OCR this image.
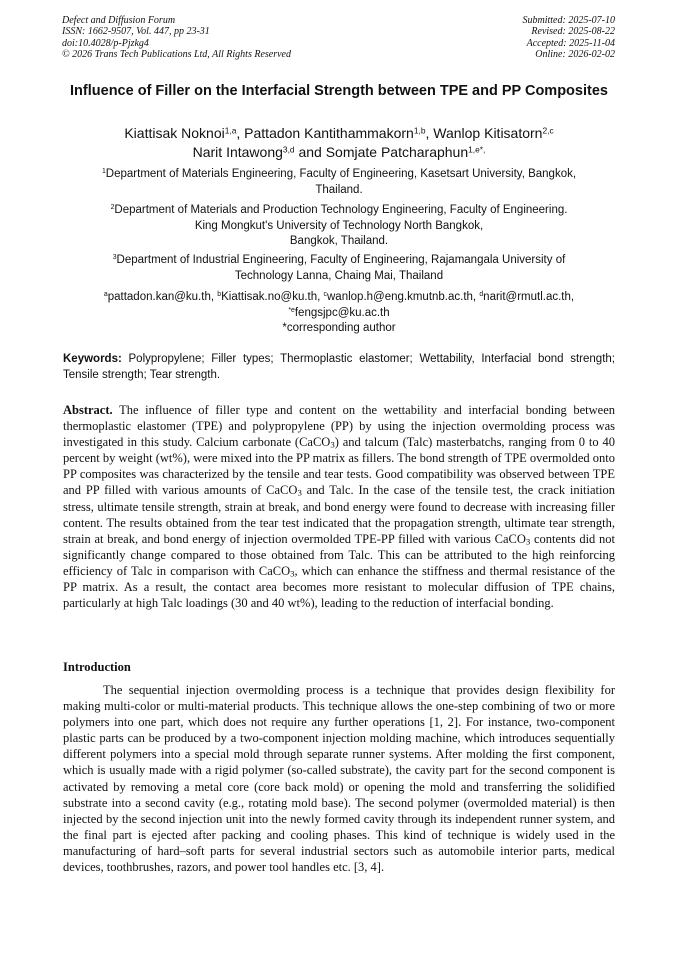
Defect and Diffusion Forum
ISSN: 1662-9507, Vol. 447, pp 23-31
doi:10.4028/p-Pjzkg4
© 2026 Trans Tech Publications Ltd, All Rights Reserved
Submitted: 2025-07-10
Revised: 2025-08-22
Accepted: 2025-11-04
Online: 2026-02-02
Influence of Filler on the Interfacial Strength between TPE and PP Composites
Kiattisak Noknoi$^{1,a}$, Pattadon Kantithammakorn$^{1,b}$, Wanlop Kitisatorn$^{2,c}$
Narit Intawong$^{3,d}$ and Somjate Patcharaphun$^{1,e*,}$
$^1$Department of Materials Engineering, Faculty of Engineering, Kasetsart University, Bangkok,
Thailand.
$^2$Department of Materials and Production Technology Engineering, Faculty of Engineering.
King Mongkut's University of Technology North Bangkok,
Bangkok, Thailand.
$^3$Department of Industrial Engineering, Faculty of Engineering, Rajamangala University of
Technology Lanna, Chaing Mai, Thailand
$^a$pattadon.kan@ku.th, $^b$Kiattisak.no@ku.th, $^c$wanlop.h@eng.kmutnb.ac.th, $^d$narit@rmutl.ac.th,
$^{*e}$fengsjpc@ku.ac.th
*corresponding author
Keywords: Polypropylene; Filler types; Thermoplastic elastomer; Wettability, Interfacial bond strength; Tensile strength; Tear strength.

Abstract. The influence of filler type and content on the wettability and interfacial bonding between thermoplastic elastomer (TPE) and polypropylene (PP) by using the injection overmolding process was investigated in this study. Calcium carbonate (CaCO$_3$) and talcum (Talc) masterbatchs, ranging from 0 to 40 percent by weight (wt%), were mixed into the PP matrix as fillers. The bond strength of TPE overmolded onto PP composites was characterized by the tensile and tear tests. Good compatibility was observed between TPE and PP filled with various amounts of CaCO$_3$ and Talc. In the case of the tensile test, the crack initiation stress, ultimate tensile strength, strain at break, and bond energy were found to decrease with increasing filler content. The results obtained from the tear test indicated that the propagation strength, ultimate tear strength, strain at break, and bond energy of injection overmolded TPE-PP filled with various CaCO$_3$ contents did not significantly change compared to those obtained from Talc. This can be attributed to the high reinforcing efficiency of Talc in comparison with CaCO$_3$, which can enhance the stiffness and thermal resistance of the PP matrix. As a result, the contact area becomes more resistant to molecular diffusion of TPE chains, particularly at high Talc loadings (30 and 40 wt%), leading to the reduction of interfacial bonding.

Introduction

The sequential injection overmolding process is a technique that provides design flexibility for making multi-color or multi-material products. This technique allows the one-step combining of two or more polymers into one part, which does not require any further operations [1, 2]. For instance, two-component plastic parts can be produced by a two-component injection molding machine, which introduces sequentially different polymers into a special mold through separate runner systems. After molding the first component, which is usually made with a rigid polymer (so-called substrate), the cavity part for the second component is activated by removing a metal core (core back mold) or opening the mold and transferring the solidified substrate into a second cavity (e.g., rotating mold base). The second polymer (overmolded material) is then injected by the second injection unit into the newly formed cavity through its independent runner system, and the final part is ejected after packing and cooling phases. This kind of technique is widely used in the manufacturing of hard–soft parts for several industrial sectors such as automobile interior parts, medical devices, toothbrushes, razors, and power tool handles etc. [3, 4].
